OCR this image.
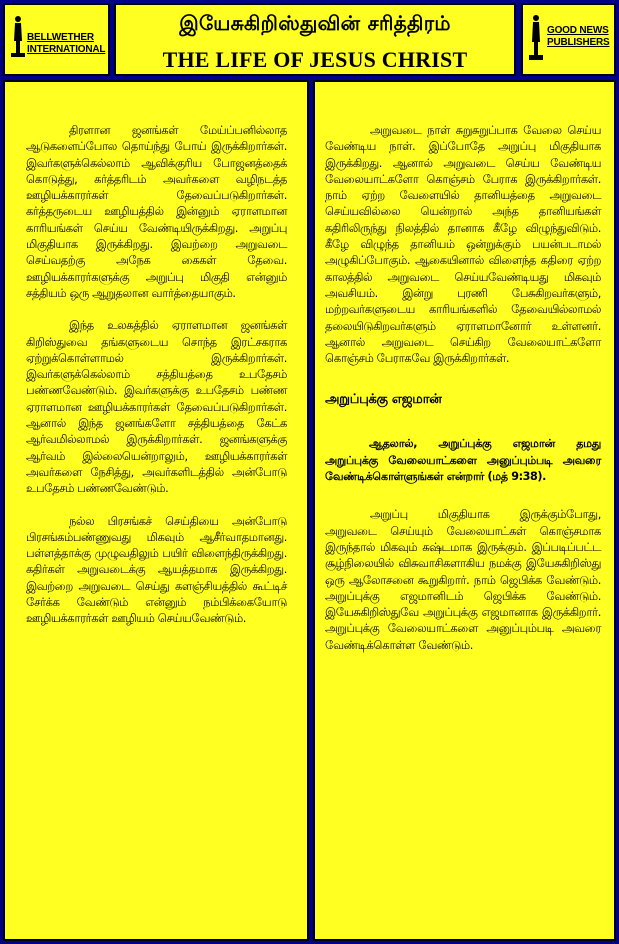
BELLWETHER
INTERNATIONAL
இயேசுகிறிஸ்துவின் சரித்திரம்
THE LIFE OF JESUS CHRIST
GOOD NEWS
PUBLISHERS

திரளான ஜனங்கள் மேய்ப்பனில்லாத ஆடுகளைப்போல தொய்ந்து போய் இருக்கிறார்கள். இவர்களுக்கெல்லாம் ஆவிக்குரிய போஜனத்தைக் கொடுத்து, கர்த்தரிடம் அவர்களை வழிநடத்த ஊழியக்காரர்கள் தேவைப்படுகிறார்கள். கர்த்தருடைய ஊழியத்தில் இன்னும் ஏராளமான காரியங்கள் செய்ய வேண்டியிருக்கிறது. அறுப்பு மிகுதியாக இருக்கிறது. இவற்றை அறுவடை செய்வதற்கு அநேக கைகள் தேவை. ஊழியக்காரர்களுக்கு அறுப்பு மிகுதி என்னும் சத்தியம் ஒரு ஆறுதலான வார்த்தையாகும்.

இந்த உலகத்தில் ஏராளமான ஜனங்கள் கிறிஸ்துவை தங்களுடைய சொந்த இரட்சகராக ஏற்றுக்கொள்ளாமல் இருக்கிறார்கள். இவர்களுக்கெல்லாம் சத்தியத்தை உபதேசம் பண்ணவேண்டும். இவர்களுக்கு உபதேசம் பண்ண ஏராளமான ஊழியக்காரர்கள் தேவைப்படுகிறார்கள். ஆனால் இந்த ஜனங்களோ சத்தியத்தை கேட்க ஆர்வமில்லாமல் இருக்கிறார்கள். ஜனங்களுக்கு ஆர்வம் இல்லையென்றாலும், ஊழியக்காரர்கள் அவர்களை நேசித்து, அவர்களிடத்தில் அன்போடு உபதேசம் பண்ணவேண்டும்.

நல்ல பிரசங்கச் செய்தியை அன்போடு பிரசங்கம்பண்ணுவது மிகவும் ஆசீர்வாதமானது. பள்ளத்தாக்கு முழுவதிலும் பயிர் விளைந்திருக்கிறது. கதிர்கள் அறுவடைக்கு ஆயத்தமாக இருக்கிறது. இவற்றை அறுவடை செய்து களஞ்சியத்தில் கூட்டிச் சேர்க்க வேண்டும் என்னும் நம்பிக்கையோடு ஊழியக்காரர்கள் ஊழியம் செய்யவேண்டும்.

அறுவடை நாள் சுறுசுறுப்பாக வேலை செய்ய வேண்டிய நாள். இப்போதே அறுப்பு மிகுதியாக இருக்கிறது. ஆனால் அறுவடை செய்ய வேண்டிய வேலையாட்களோ கொஞ்சம் பேராக இருக்கிறார்கள். நாம் ஏற்ற வேளையில் தானியத்தை அறுவடை செய்யவில்லை யென்றால் அந்த தானியங்கள் கதிரிலிருந்து நிலத்தில் தானாக கீழே விழுந்துவிடும். கீழே விழுந்த தானியம் ஒன்றுக்கும் பயன்படாமல் அழுகிப்போகும். ஆகையினால் விளைந்த கதிரை ஏற்ற காலத்தில் அறுவடை செய்யவேண்டியது மிகவும் அவசியம். இன்று புரணி பேசுகிறவர்களும், மற்றவர்களுடைய காரியங்களில் தேவையில்லாமல் தலையிடுகிறவர்களும் ஏராளமானோர் உள்ளனர். ஆனால் அறுவடை செய்கிற வேலையாட்களோ கொஞ்சம் பேராகவே இருக்கிறார்கள்.

அறுப்புக்கு எஜமான்

ஆதலால், அறுப்புக்கு எஜமான் தமது அறுப்புக்கு வேலையாட்களை அனுப்பும்படி அவரை வேண்டிக்கொள்ளுங்கள் என்றார் (மத் 9:38).

அறுப்பு மிகுதியாக இருக்கும்போது, அறுவடை செய்யும் வேலையாட்கள் கொஞ்சமாக இருந்தால் மிகவும் கஷ்டமாக இருக்கும். இப்படிப்பட்ட சூழ்நிலையில் விசுவாசிகளாகிய நமக்கு இயேசுகிறிஸ்து ஒரு ஆலோசனை கூறுகிறார். நாம் ஜெபிக்க வேண்டும். அறுப்புக்கு எஜமானிடம் ஜெபிக்க வேண்டும். இயேசுகிறிஸ்துவே அறுப்புக்கு எஜமானாக இருக்கிறார். அறுப்புக்கு வேலையாட்களை அனுப்பும்படி அவரை வேண்டிக்கொள்ள வேண்டும்.
